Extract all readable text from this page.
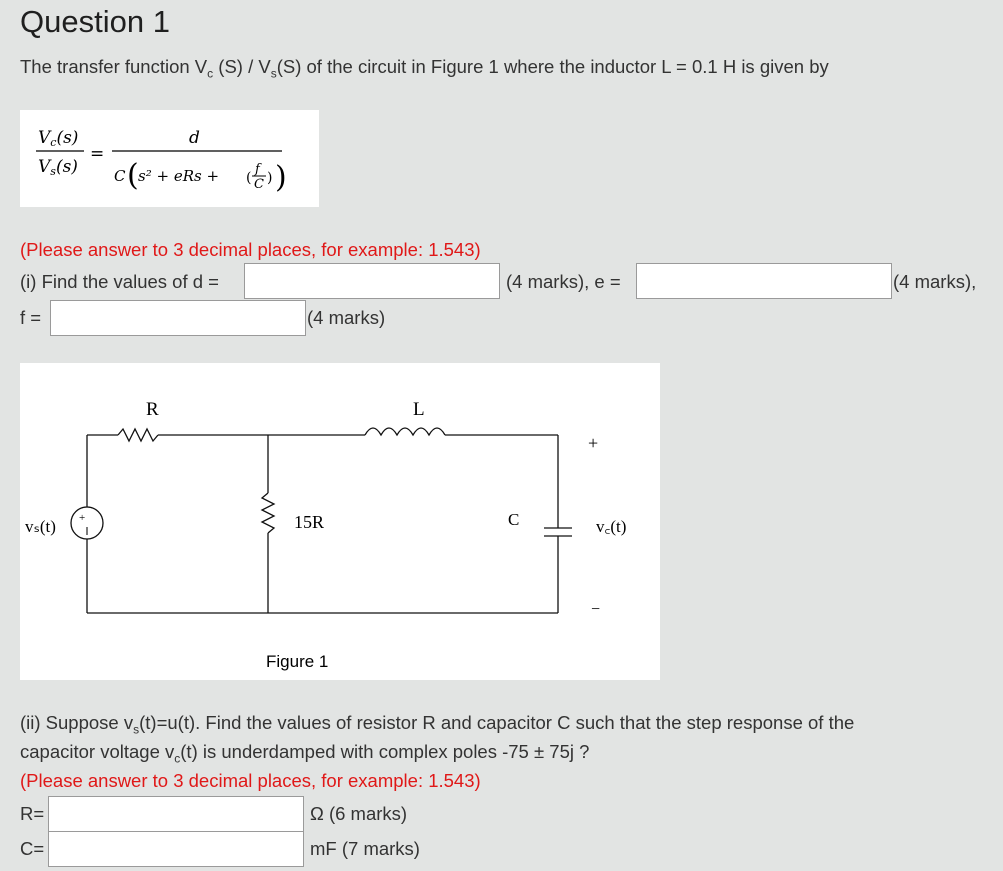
Question 1
The transfer function $V_c$ $(S) / V_s(S)$ of the circuit in Figure 1 where the inductor L = 0.1 H is given by
Vc(s)
Vs(s)
=
d
C ( s² + eRs + (
f
C ) )
(Please answer to 3 decimal places, for example: 1.543)
(i) Find the values of d =	(4 marks), e =	(4 marks),
f =	(4 marks)
+
R	L
15R	C
vₛ(t)	v꜀(t)
+
−
Figure 1
(ii) Suppose $v_s(t)=u(t)$. Find the values of resistor R and capacitor C such that the step response of the
capacitor voltage $v_c(t)$ is underdamped with complex poles -75 ± 75j ?
(Please answer to 3 decimal places, for example: 1.543)
R=	Ω (6 marks)
C=	mF (7 marks)
